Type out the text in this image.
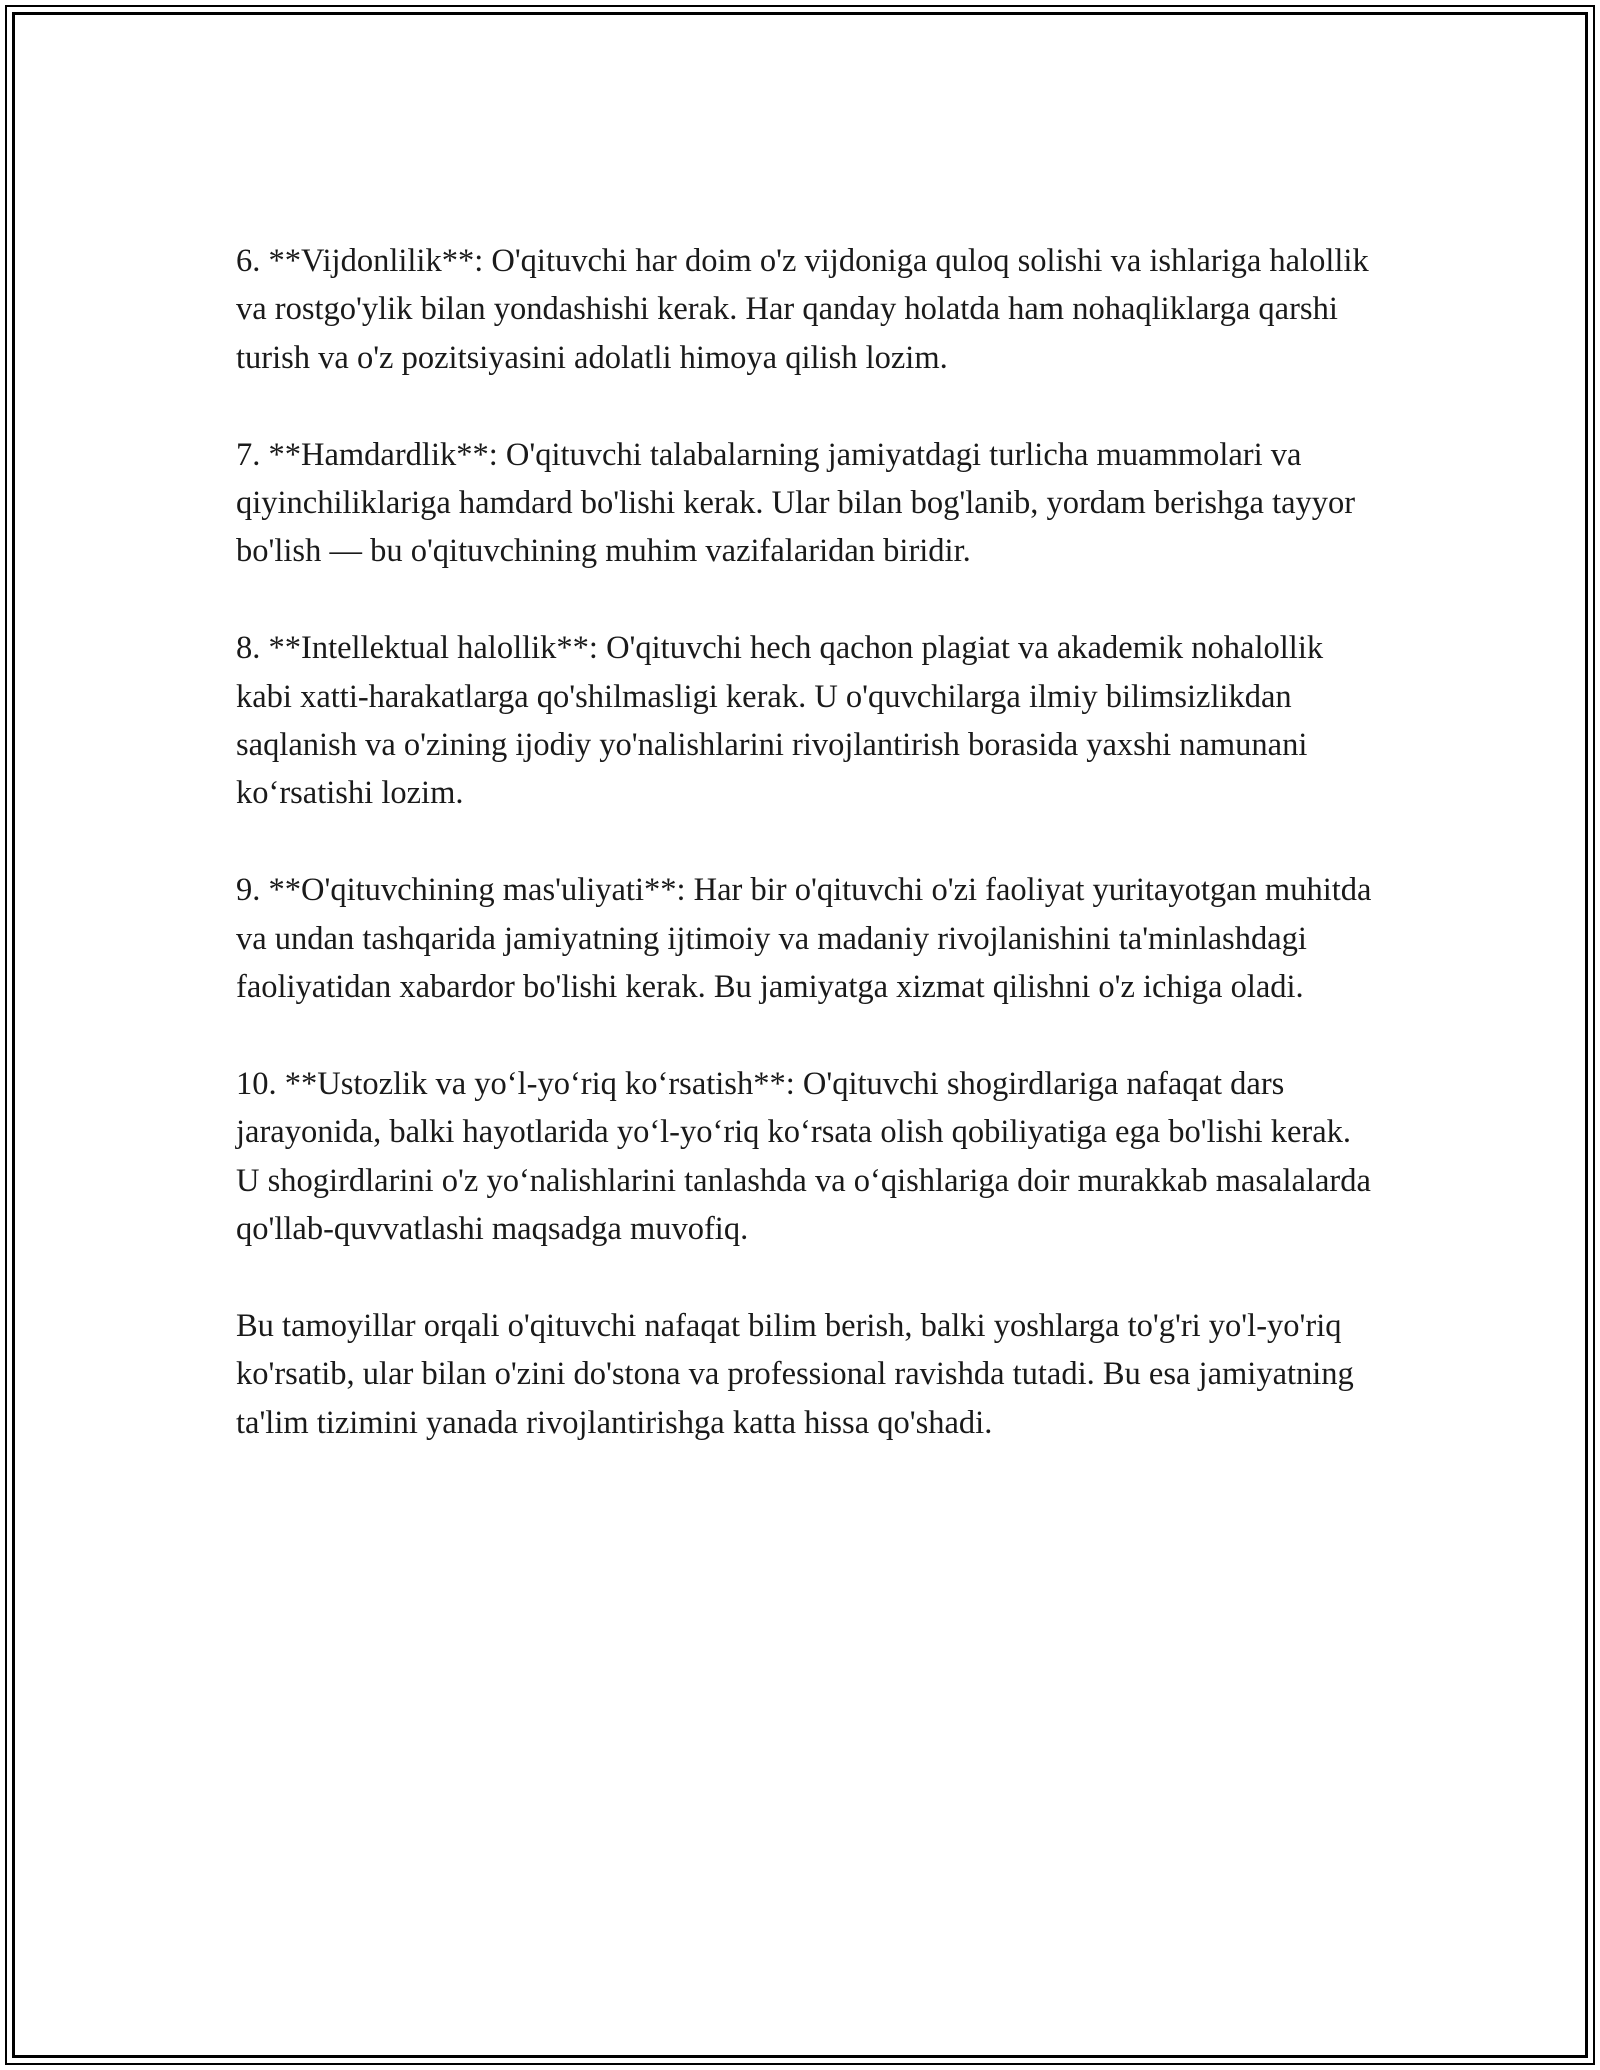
6. **Vijdonlilik**: O'qituvchi har doim o'z vijdoniga quloq solishi va ishlariga halollik va rostgo'ylik bilan yondashishi kerak. Har qanday holatda ham nohaqliklarga qarshi turish va o'z pozitsiyasini adolatli himoya qilish lozim.

7. **Hamdardlik**: O'qituvchi talabalarning jamiyatdagi turlicha muammolari va qiyinchiliklariga hamdard bo'lishi kerak. Ular bilan bog'lanib, yordam berishga tayyor bo'lish — bu o'qituvchining muhim vazifalaridan biridir.

8. **Intellektual halollik**: O'qituvchi hech qachon plagiat va akademik nohalollik kabi xatti-harakatlarga qo'shilmasligi kerak. U o'quvchilarga ilmiy bilimsizlikdan saqlanish va o'zining ijodiy yo'nalishlarini rivojlantirish borasida yaxshi namunani ko‘rsatishi lozim.

9. **O'qituvchining mas'uliyati**: Har bir o'qituvchi o'zi faoliyat yuritayotgan muhitda va undan tashqarida jamiyatning ijtimoiy va madaniy rivojlanishini ta'minlashdagi faoliyatidan xabardor bo'lishi kerak. Bu jamiyatga xizmat qilishni o'z ichiga oladi.

10. **Ustozlik va yo‘l-yo‘riq ko‘rsatish**: O'qituvchi shogirdlariga nafaqat dars jarayonida, balki hayotlarida yo‘l-yo‘riq ko‘rsata olish qobiliyatiga ega bo'lishi kerak. U shogirdlarini o'z yo‘nalishlarini tanlashda va o‘qishlariga doir murakkab masalalarda qo'llab-quvvatlashi maqsadga muvofiq.

Bu tamoyillar orqali o'qituvchi nafaqat bilim berish, balki yoshlarga to'g'ri yo'l-yo'riq ko'rsatib, ular bilan o'zini do'stona va professional ravishda tutadi. Bu esa jamiyatning ta'lim tizimini yanada rivojlantirishga katta hissa qo'shadi.
